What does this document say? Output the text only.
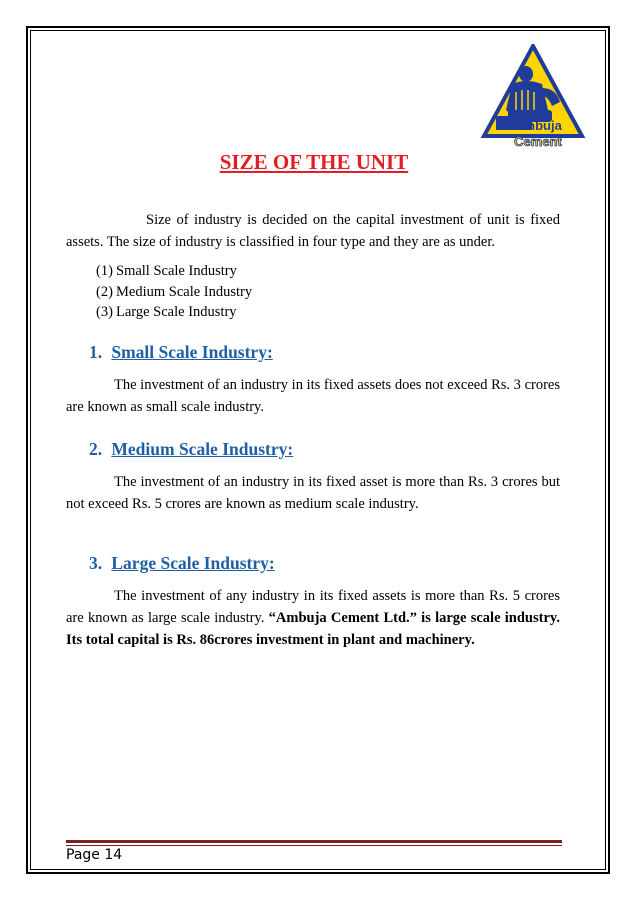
Ambuja
Cement
SIZE OF THE UNIT
Size of industry is decided on the capital investment of unit is fixed assets. The size of industry is classified in four type and they are as under.
(1) Small Scale Industry
(2) Medium Scale Industry
(3) Large Scale Industry
1. Small Scale Industry:
The investment of an industry in its fixed assets does not exceed Rs. 3 crores are known as small scale industry.
2. Medium Scale Industry:
The investment of an industry in its fixed asset is more than Rs. 3 crores but not exceed Rs. 5 crores are known as medium scale industry.
3. Large Scale Industry:
The investment of any industry in its fixed assets is more than Rs. 5 crores are known as large scale industry. “Ambuja Cement Ltd.” is large scale industry. Its total capital is Rs. 86crores investment in plant and machinery.
Page 14
